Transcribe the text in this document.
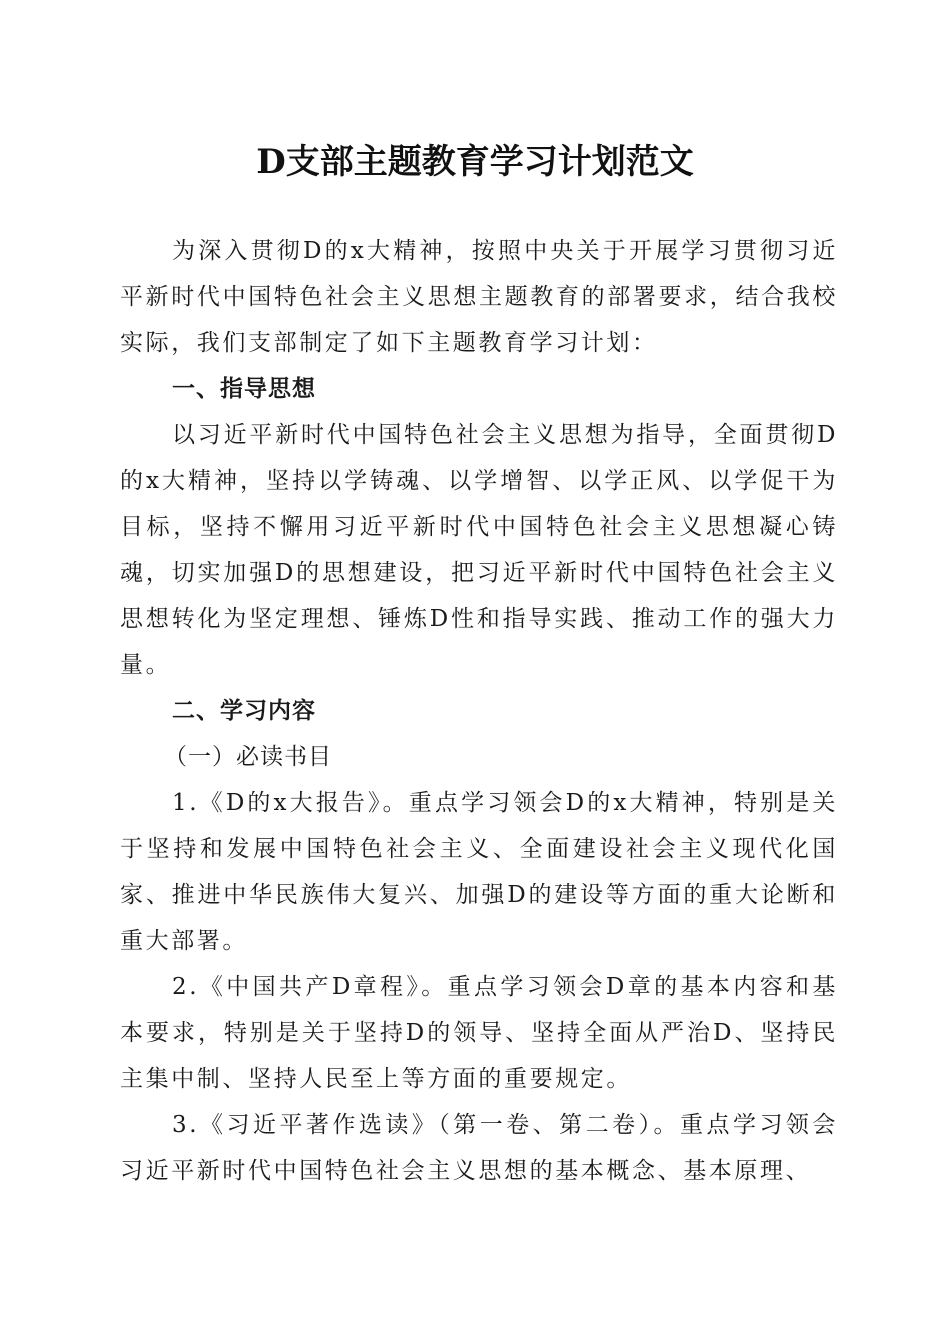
D支部主题教育学习计划范文

为深入贯彻D的x大精神，按照中央关于开展学习贯彻习近平新时代中国特色社会主义思想主题教育的部署要求，结合我校实际，我们支部制定了如下主题教育学习计划：

一、指导思想

以习近平新时代中国特色社会主义思想为指导，全面贯彻D的x大精神，坚持以学铸魂、以学增智、以学正风、以学促干为目标，坚持不懈用习近平新时代中国特色社会主义思想凝心铸魂，切实加强D的思想建设，把习近平新时代中国特色社会主义思想转化为坚定理想、锤炼D性和指导实践、推动工作的强大力量。

二、学习内容

（一）必读书目

1.《D的x大报告》。重点学习领会D的x大精神，特别是关于坚持和发展中国特色社会主义、全面建设社会主义现代化国家、推进中华民族伟大复兴、加强D的建设等方面的重大论断和重大部署。

2.《中国共产D章程》。重点学习领会D章的基本内容和基本要求，特别是关于坚持D的领导、坚持全面从严治D、坚持民主集中制、坚持人民至上等方面的重要规定。

3.《习近平著作选读》（第一卷、第二卷）。重点学习领会习近平新时代中国特色社会主义思想的基本概念、基本原理、
